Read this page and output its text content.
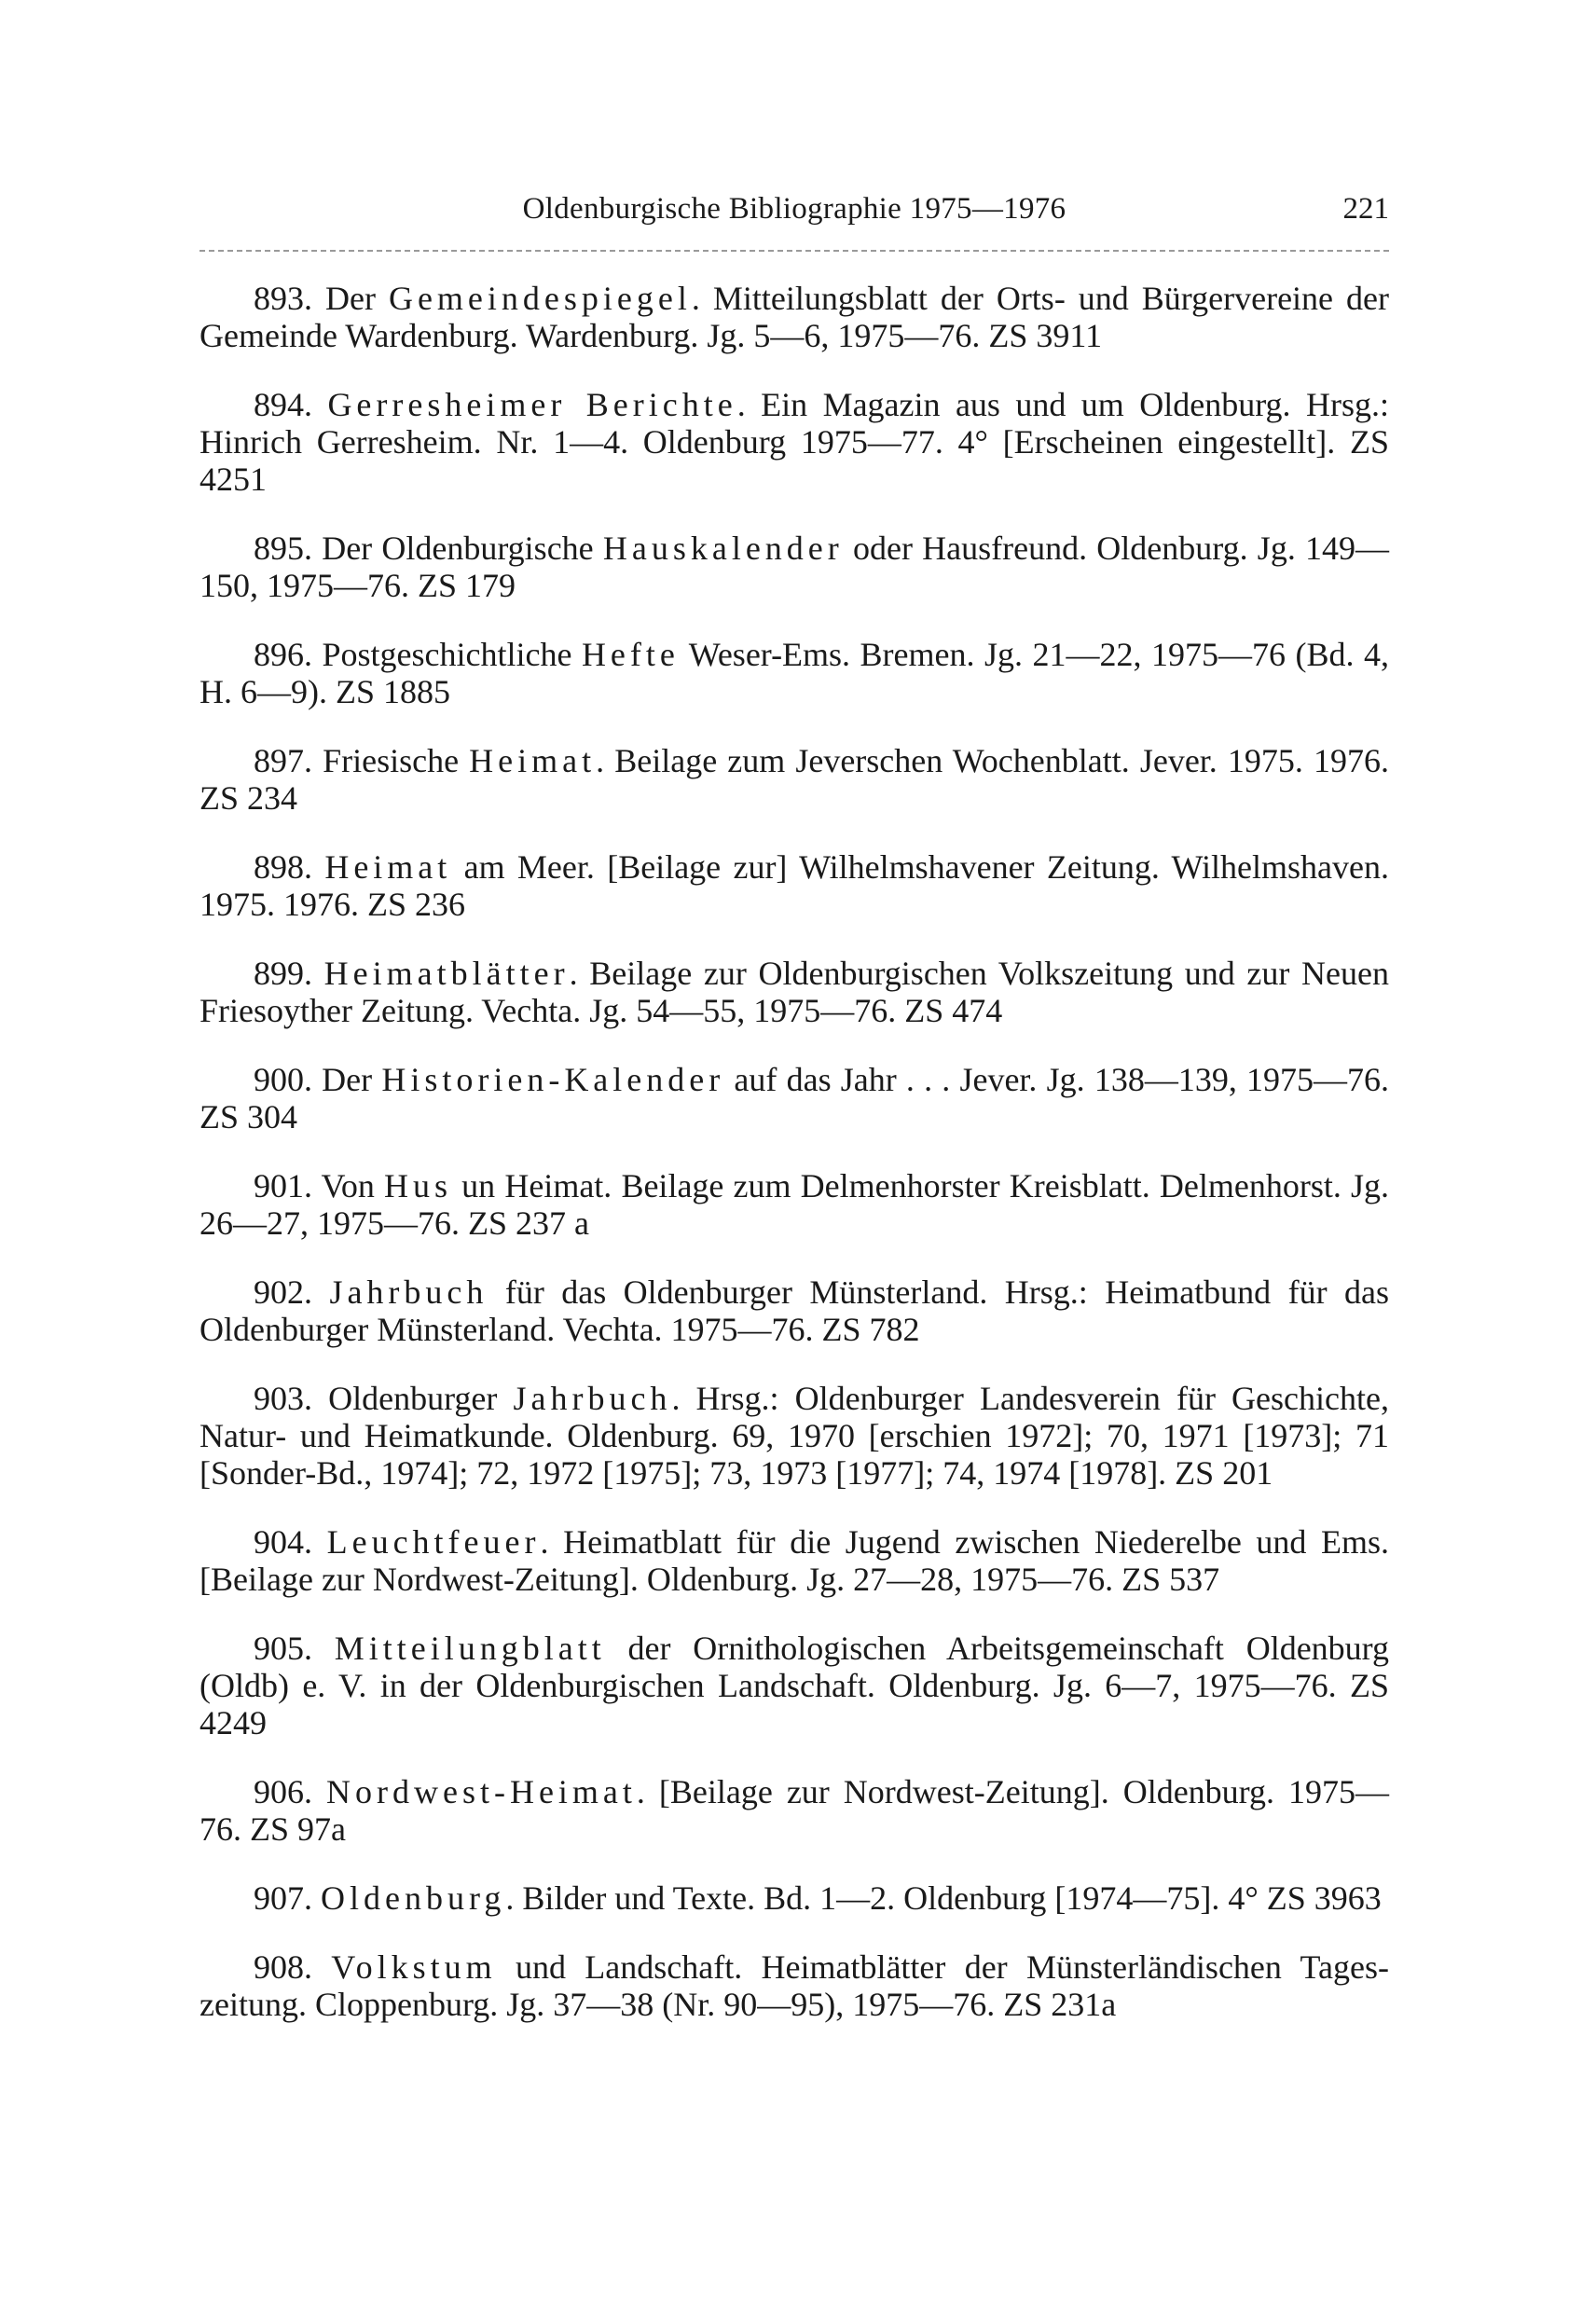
Oldenburgische Bibliographie 1975—1976	221

893. Der Gemeindespiegel. Mitteilungsblatt der Orts- und Bürgervereine der Gemeinde Wardenburg. Wardenburg. Jg. 5—6, 1975—76. ZS 3911

894. Gerresheimer Berichte. Ein Magazin aus und um Oldenburg. Hrsg.: Hinrich Gerresheim. Nr. 1—4. Oldenburg 1975—77. 4° [Erscheinen eingestellt]. ZS 4251

895. Der Oldenburgische Hauskalender oder Hausfreund. Oldenburg. Jg. 149—150, 1975—76. ZS 179

896. Postgeschichtliche Hefte Weser-Ems. Bremen. Jg. 21—22, 1975—76 (Bd. 4, H. 6—9). ZS 1885

897. Friesische Heimat. Beilage zum Jeverschen Wochenblatt. Jever. 1975. 1976. ZS 234

898. Heimat am Meer. [Beilage zur] Wilhelmshavener Zeitung. Wilhelmshaven. 1975. 1976. ZS 236

899. Heimatblätter. Beilage zur Oldenburgischen Volkszeitung und zur Neuen Friesoyther Zeitung. Vechta. Jg. 54—55, 1975—76. ZS 474

900. Der Historien-Kalender auf das Jahr . . . Jever. Jg. 138—139, 1975—76. ZS 304

901. Von Hus un Heimat. Beilage zum Delmenhorster Kreisblatt. Delmenhorst. Jg. 26—27, 1975—76. ZS 237 a

902. Jahrbuch für das Oldenburger Münsterland. Hrsg.: Heimatbund für das Oldenburger Münsterland. Vechta. 1975—76. ZS 782

903. Oldenburger Jahrbuch. Hrsg.: Oldenburger Landesverein für Geschichte, Natur- und Heimatkunde. Oldenburg. 69, 1970 [erschien 1972]; 70, 1971 [1973]; 71 [Sonder-Bd., 1974]; 72, 1972 [1975]; 73, 1973 [1977]; 74, 1974 [1978]. ZS 201

904. Leuchtfeuer. Heimatblatt für die Jugend zwischen Niederelbe und Ems. [Beilage zur Nordwest-Zeitung]. Oldenburg. Jg. 27—28, 1975—76. ZS 537

905. Mitteilungblatt der Ornithologischen Arbeitsgemeinschaft Oldenburg (Oldb) e. V. in der Oldenburgischen Landschaft. Oldenburg. Jg. 6—7, 1975—76. ZS 4249

906. Nordwest-Heimat. [Beilage zur Nordwest-Zeitung]. Oldenburg. 1975—76. ZS 97a

907. Oldenburg. Bilder und Texte. Bd. 1—2. Oldenburg [1974—75]. 4° ZS 3963

908. Volkstum und Landschaft. Heimatblätter der Münsterländischen Tageszeitung. Cloppenburg. Jg. 37—38 (Nr. 90—95), 1975—76. ZS 231a
